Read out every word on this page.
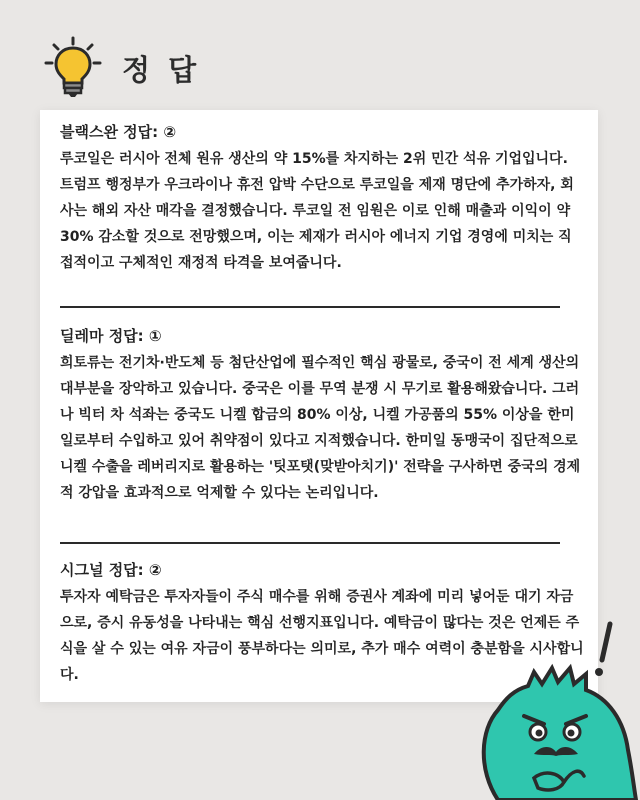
정 답

블랙스완 정답: ②

루코일은 러시아 전체 원유 생산의 약 15%를 차지하는 2위 민간 석유 기업입니다. 트럼프 행정부가 우크라이나 휴전 압박 수단으로 루코일을 제재 명단에 추가하자, 회사는 해외 자산 매각을 결정했습니다. 루코일 전 임원은 이로 인해 매출과 이익이 약 30% 감소할 것으로 전망했으며, 이는 제재가 러시아 에너지 기업 경영에 미치는 직접적이고 구체적인 재정적 타격을 보여줍니다.

딜레마 정답: ①

희토류는 전기차·반도체 등 첨단산업에 필수적인 핵심 광물로, 중국이 전 세계 생산의 대부분을 장악하고 있습니다. 중국은 이를 무역 분쟁 시 무기로 활용해왔습니다. 그러나 빅터 차 석좌는 중국도 니켈 합금의 80% 이상, 니켈 가공품의 55% 이상을 한미일로부터 수입하고 있어 취약점이 있다고 지적했습니다. 한미일 동맹국이 집단적으로 니켈 수출을 레버리지로 활용하는 '팃포탯(맞받아치기)' 전략을 구사하면 중국의 경제적 강압을 효과적으로 억제할 수 있다는 논리입니다.

시그널 정답: ②

투자자 예탁금은 투자자들이 주식 매수를 위해 증권사 계좌에 미리 넣어둔 대기 자금으로, 증시 유동성을 나타내는 핵심 선행지표입니다. 예탁금이 많다는 것은 언제든 주식을 살 수 있는 여유 자금이 풍부하다는 의미로, 추가 매수 여력이 충분함을 시사합니다.
